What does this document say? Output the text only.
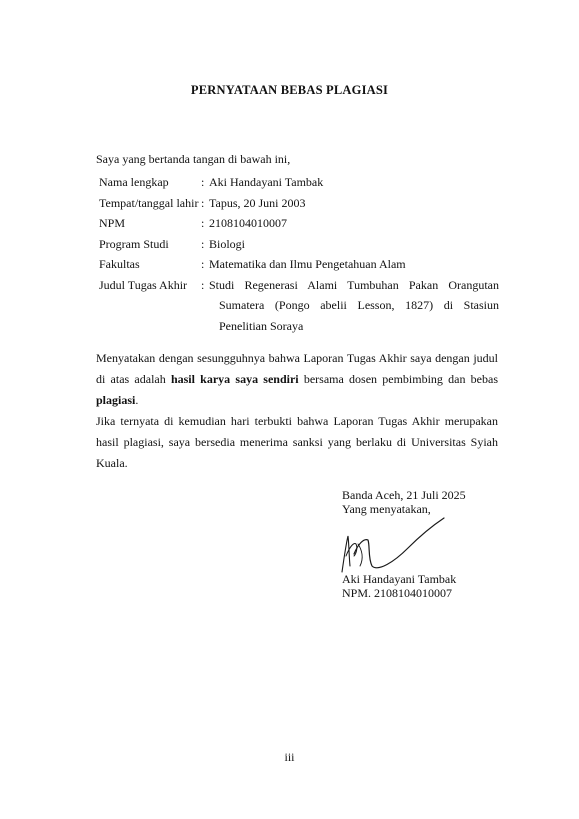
PERNYATAAN BEBAS PLAGIASI
Saya yang bertanda tangan di bawah ini,
Nama lengkap	: Aki Handayani Tambak
Tempat/tanggal lahir : Tapus, 20 Juni 2003
NPM	: 2108104010007
Program Studi	: Biologi
Fakultas	: Matematika dan Ilmu Pengetahuan Alam
Judul Tugas Akhir	: Studi Regenerasi Alami Tumbuhan Pakan Orangutan
Sumatera (Pongo abelii Lesson, 1827) di Stasiun Penelitian Soraya
Menyatakan dengan sesungguhnya bahwa Laporan Tugas Akhir saya dengan judul di atas adalah hasil karya saya sendiri bersama dosen pembimbing dan bebas plagiasi.
Jika ternyata di kemudian hari terbukti bahwa Laporan Tugas Akhir merupakan hasil plagiasi, saya bersedia menerima sanksi yang berlaku di Universitas Syiah Kuala.
Banda Aceh, 21 Juli 2025
Yang menyatakan,
Aki Handayani Tambak
NPM. 2108104010007
iii
